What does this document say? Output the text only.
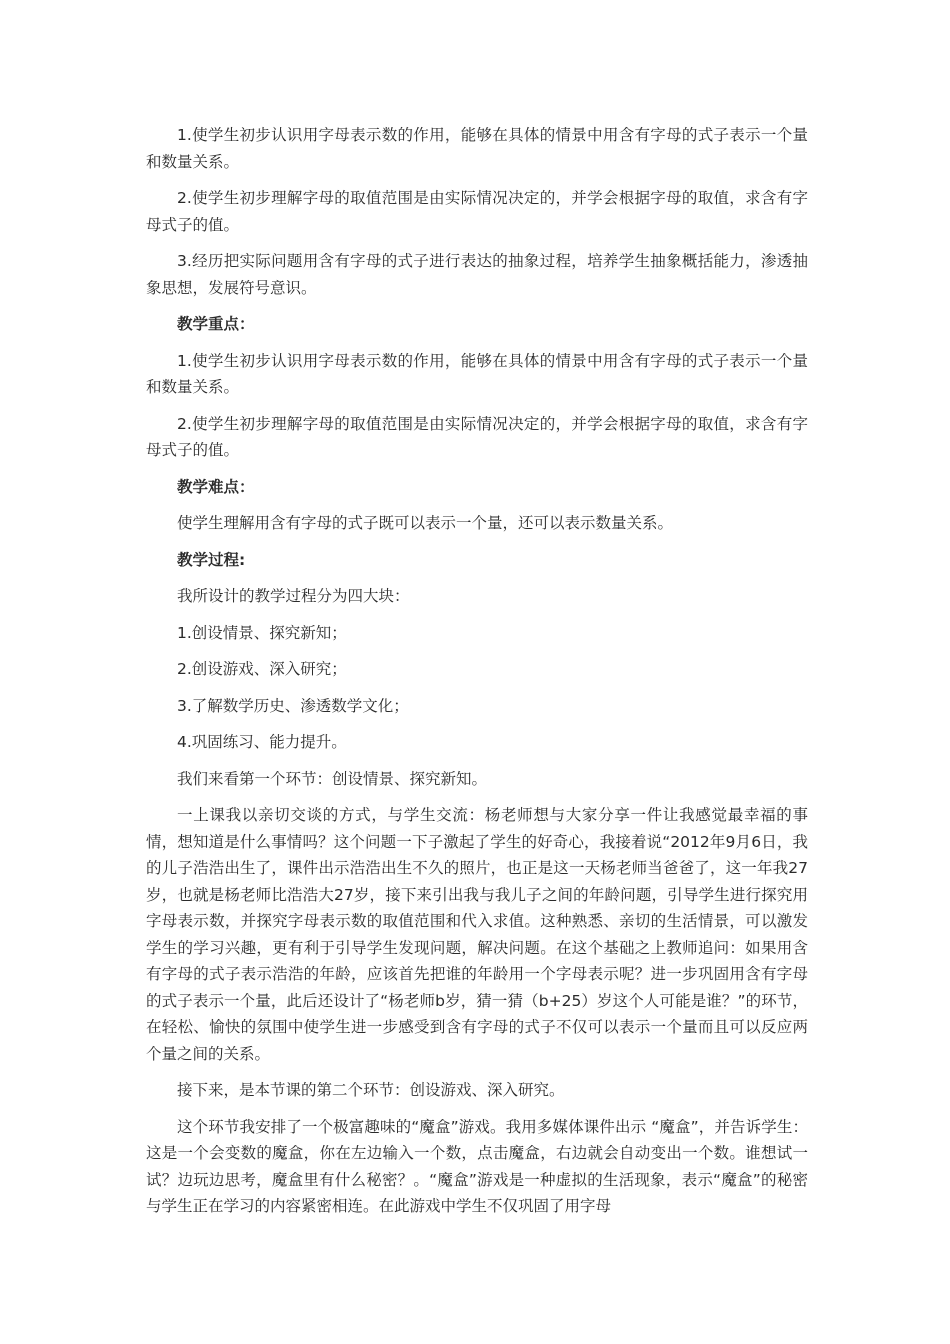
1.使学生初步认识用字母表示数的作用，能够在具体的情景中用含有字母的式子表示一个量和数量关系。

2.使学生初步理解字母的取值范围是由实际情况决定的，并学会根据字母的取值，求含有字母式子的值。

3.经历把实际问题用含有字母的式子进行表达的抽象过程，培养学生抽象概括能力，渗透抽象思想，发展符号意识。

教学重点：

1.使学生初步认识用字母表示数的作用，能够在具体的情景中用含有字母的式子表示一个量和数量关系。

2.使学生初步理解字母的取值范围是由实际情况决定的，并学会根据字母的取值，求含有字母式子的值。

教学难点：

使学生理解用含有字母的式子既可以表示一个量，还可以表示数量关系。

教学过程:

我所设计的教学过程分为四大块：

1.创设情景、探究新知；

2.创设游戏、深入研究；

3.了解数学历史、渗透数学文化；

4.巩固练习、能力提升。

我们来看第一个环节：创设情景、探究新知。

一上课我以亲切交谈的方式，与学生交流：杨老师想与大家分享一件让我感觉最幸福的事情，想知道是什么事情吗？这个问题一下子激起了学生的好奇心，我接着说“2012年9月6日，我的儿子浩浩出生了，课件出示浩浩出生不久的照片，也正是这一天杨老师当爸爸了，这一年我27岁，也就是杨老师比浩浩大27岁，接下来引出我与我儿子之间的年龄问题，引导学生进行探究用字母表示数，并探究字母表示数的取值范围和代入求值。这种熟悉、亲切的生活情景，可以激发学生的学习兴趣，更有利于引导学生发现问题，解决问题。在这个基础之上教师追问：如果用含有字母的式子表示浩浩的年龄，应该首先把谁的年龄用一个字母表示呢？进一步巩固用含有字母的式子表示一个量，此后还设计了“杨老师b岁，猜一猜（b+25）岁这个人可能是谁？”的环节，在轻松、愉快的氛围中使学生进一步感受到含有字母的式子不仅可以表示一个量而且可以反应两个量之间的关系。

接下来，是本节课的第二个环节：创设游戏、深入研究。

这个环节我安排了一个极富趣味的“魔盒”游戏。我用多媒体课件出示 “魔盒”，并告诉学生：这是一个会变数的魔盒，你在左边输入一个数，点击魔盒，右边就会自动变出一个数。谁想试一试？边玩边思考，魔盒里有什么秘密？。“魔盒”游戏是一种虚拟的生活现象，表示“魔盒”的秘密与学生正在学习的内容紧密相连。在此游戏中学生不仅巩固了用字母
